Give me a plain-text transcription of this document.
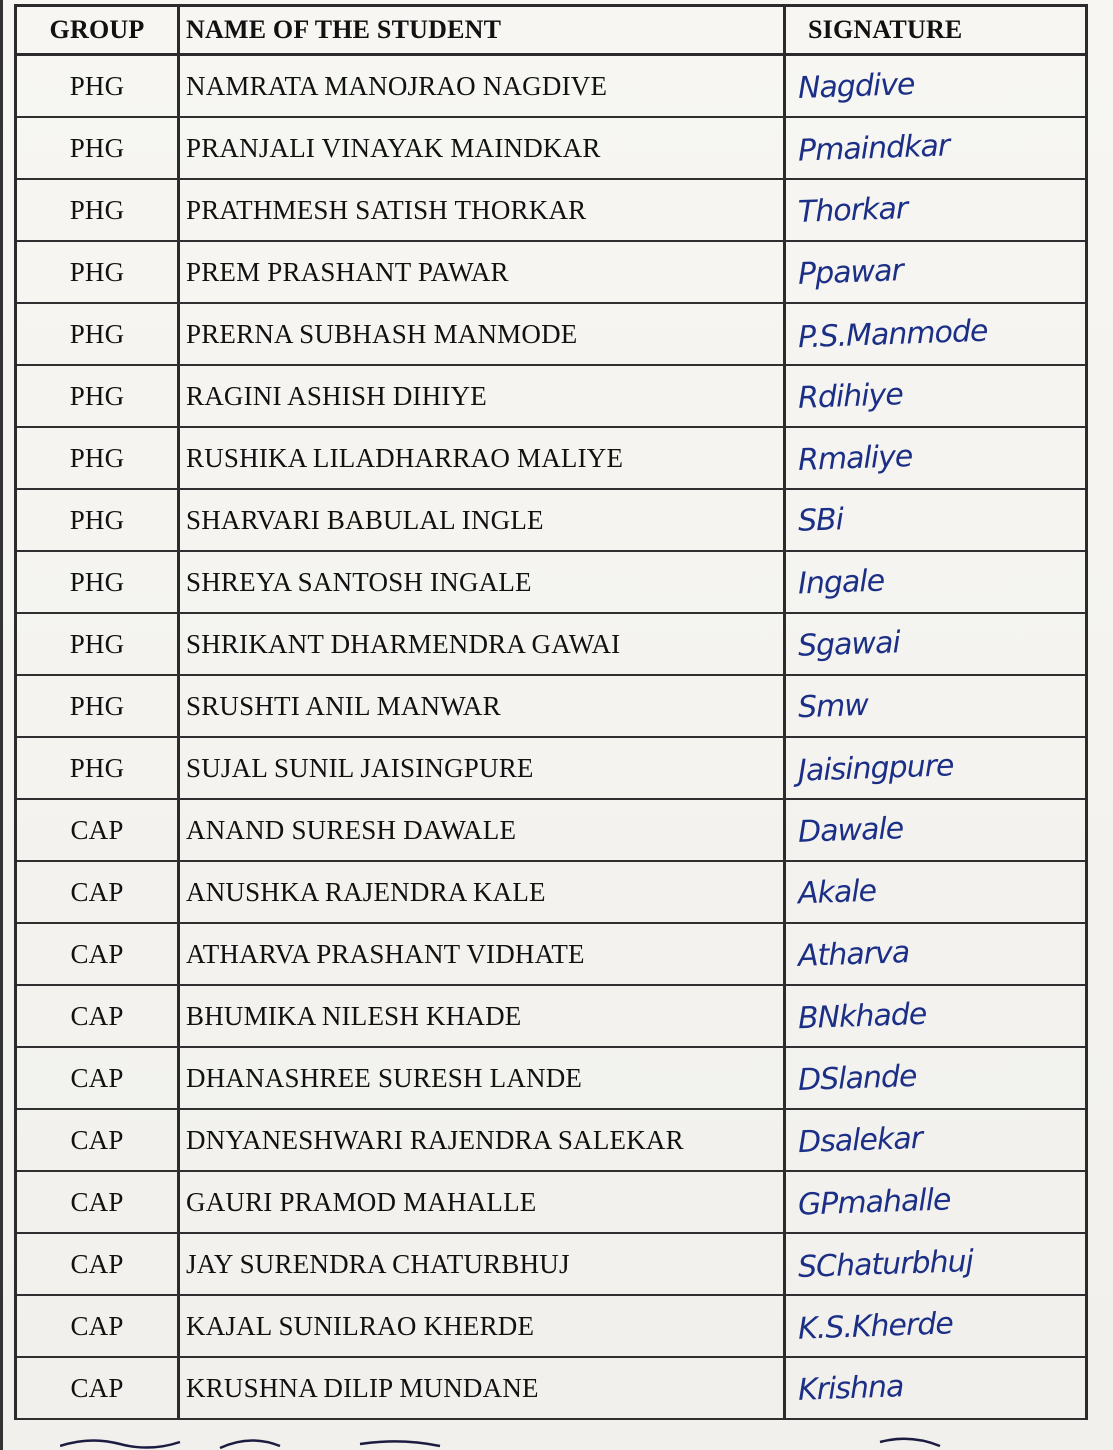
GROUP	NAME OF THE STUDENT	SIGNATURE
PHG	NAMRATA MANOJRAO NAGDIVE	Nagdive
PHG	PRANJALI VINAYAK MAINDKAR	Pmaindkar
PHG	PRATHMESH SATISH THORKAR	Thorkar
PHG	PREM PRASHANT PAWAR	Ppawar
PHG	PRERNA SUBHASH MANMODE	P.S.Manmode
PHG	RAGINI ASHISH DIHIYE	Rdihiye
PHG	RUSHIKA LILADHARRAO MALIYE	Rmaliye
PHG	SHARVARI BABULAL INGLE	SBi
PHG	SHREYA SANTOSH INGALE	Ingale
PHG	SHRIKANT DHARMENDRA GAWAI	Sgawai
PHG	SRUSHTI ANIL MANWAR	Smw
PHG	SUJAL SUNIL JAISINGPURE	Jaisingpure
CAP	ANAND SURESH DAWALE	Dawale
CAP	ANUSHKA RAJENDRA KALE	Akale
CAP	ATHARVA PRASHANT VIDHATE	Atharva
CAP	BHUMIKA NILESH KHADE	BNkhade
CAP	DHANASHREE SURESH LANDE	DSlande
CAP	DNYANESHWARI RAJENDRA SALEKAR	Dsalekar
CAP	GAURI PRAMOD MAHALLE	GPmahalle
CAP	JAY SURENDRA CHATURBHUJ	SChaturbhuj
CAP	KAJAL SUNILRAO KHERDE	K.S.Kherde
CAP	KRUSHNA DILIP MUNDANE	Krishna
